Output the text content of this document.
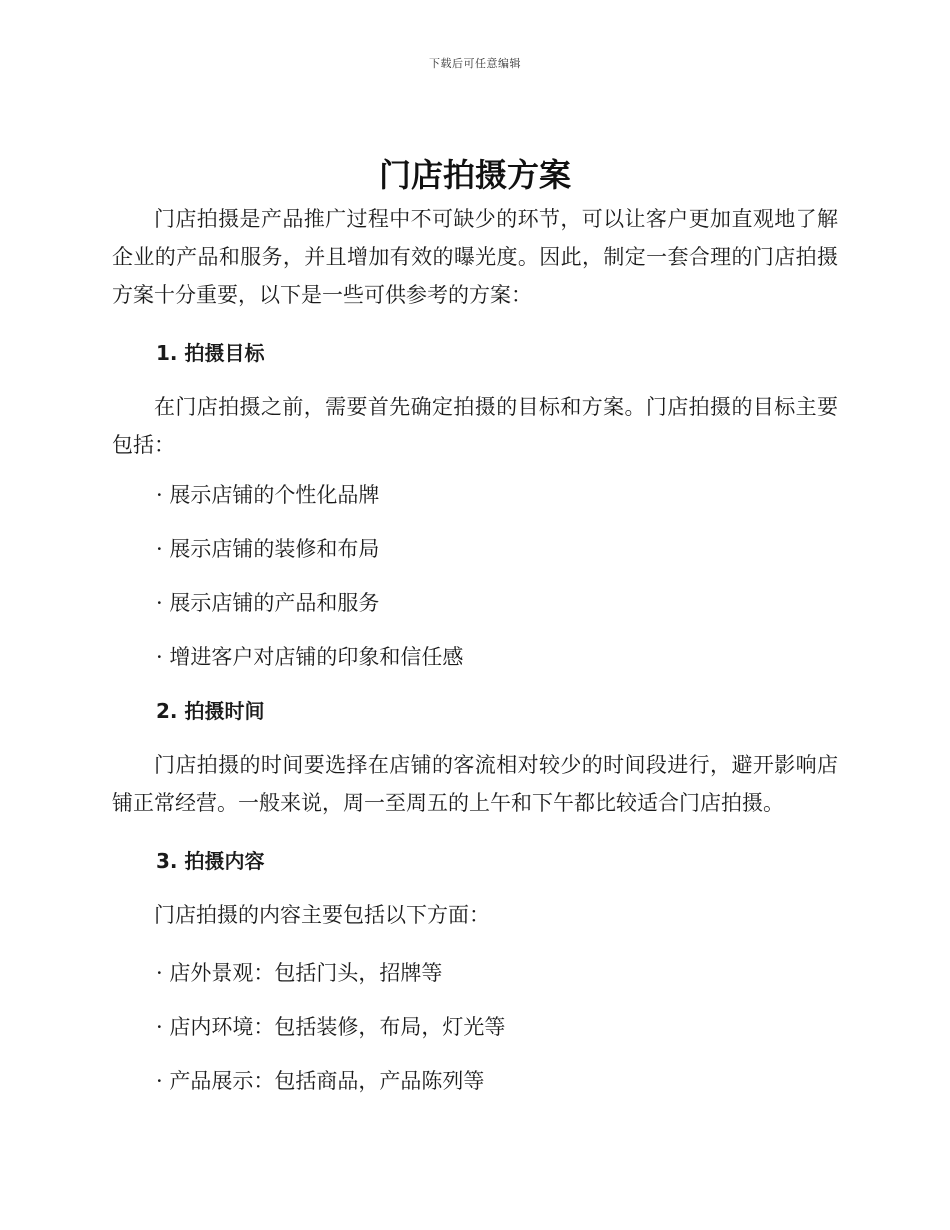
下载后可任意编辑
门店拍摄方案

门店拍摄是产品推广过程中不可缺少的环节，可以让客户更加直观地了解企业的产品和服务，并且增加有效的曝光度。因此，制定一套合理的门店拍摄方案十分重要，以下是一些可供参考的方案：

1. 拍摄目标

在门店拍摄之前，需要首先确定拍摄的目标和方案。门店拍摄的目标主要包括：

· 展示店铺的个性化品牌

· 展示店铺的装修和布局

· 展示店铺的产品和服务

· 增进客户对店铺的印象和信任感

2. 拍摄时间

门店拍摄的时间要选择在店铺的客流相对较少的时间段进行，避开影响店铺正常经营。一般来说，周一至周五的上午和下午都比较适合门店拍摄。

3. 拍摄内容

门店拍摄的内容主要包括以下方面：

· 店外景观：包括门头，招牌等

· 店内环境：包括装修，布局，灯光等

· 产品展示：包括商品，产品陈列等
